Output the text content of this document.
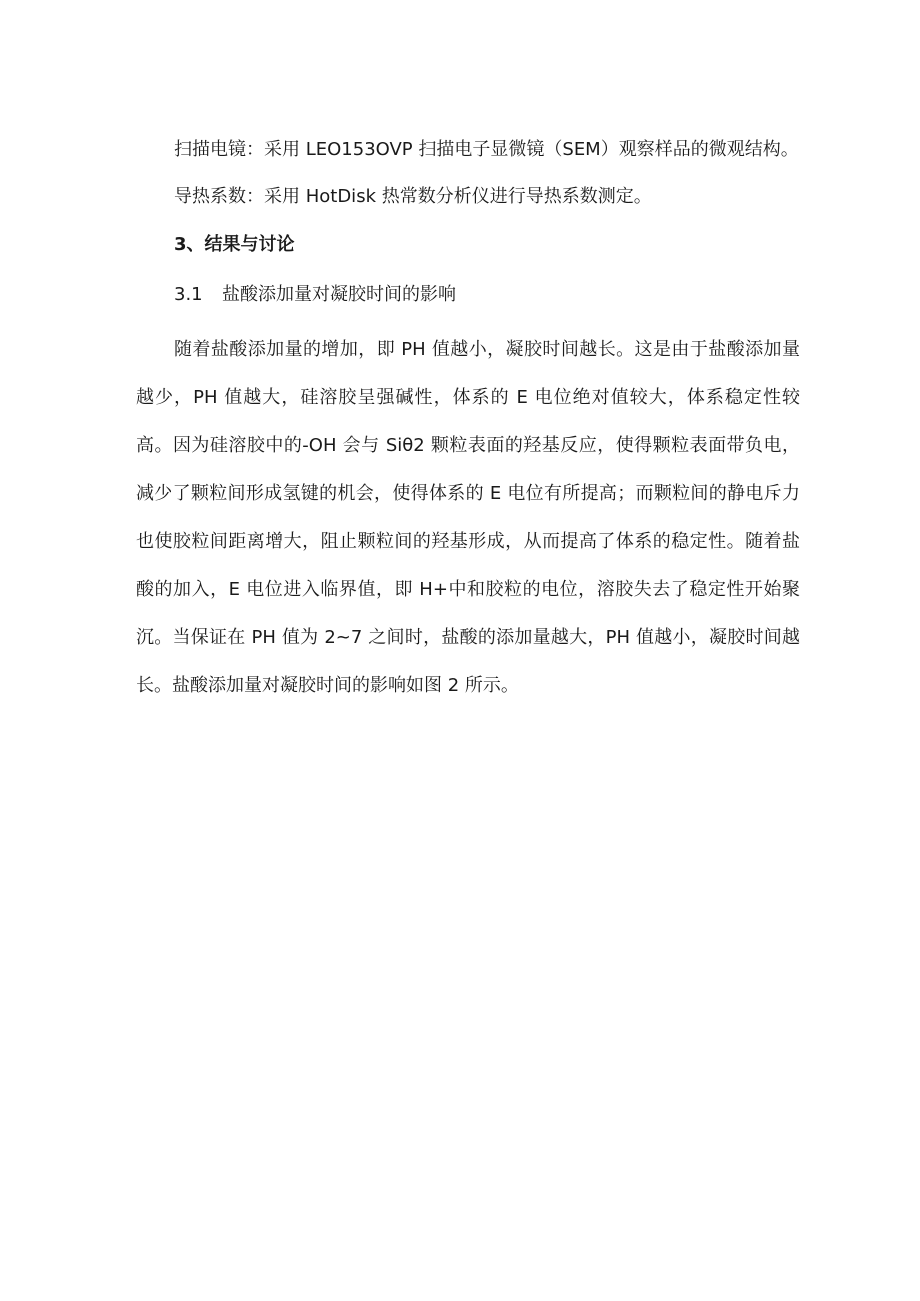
扫描电镜：采用 LEO153OVP 扫描电子显微镜（SEM）观察样品的微观结构。
导热系数：采用 HotDisk 热常数分析仪进行导热系数测定。
3、结果与讨论
3.1 盐酸添加量对凝胶时间的影响

随着盐酸添加量的增加，即 PH 值越小，凝胶时间越长。这是由于盐酸添加量越少，PH 值越大，硅溶胶呈强碱性，体系的 E 电位绝对值较大，体系稳定性较高。因为硅溶胶中的-OH 会与 Siθ2 颗粒表面的羟基反应，使得颗粒表面带负电，减少了颗粒间形成氢键的机会，使得体系的 E 电位有所提高；而颗粒间的静电斥力也使胶粒间距离增大，阻止颗粒间的羟基形成，从而提高了体系的稳定性。随着盐酸的加入，E 电位进入临界值，即 H+中和胶粒的电位，溶胶失去了稳定性开始聚沉。当保证在 PH 值为 2~7 之间时，盐酸的添加量越大，PH 值越小，凝胶时间越长。盐酸添加量对凝胶时间的影响如图 2 所示。
